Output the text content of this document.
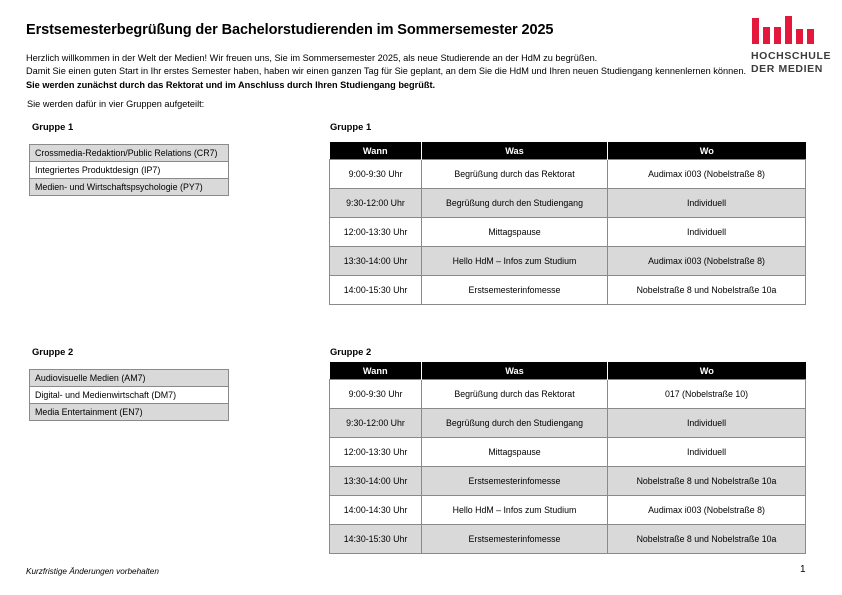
HOCHSCHULE
DER MEDIEN
Erstsemesterbegrüßung der Bachelorstudierenden im Sommersemester 2025
Herzlich willkommen in der Welt der Medien! Wir freuen uns, Sie im Sommersemester 2025, als neue Studierende an der HdM zu begrüßen.
Damit Sie einen guten Start in Ihr erstes Semester haben, haben wir einen ganzen Tag für Sie geplant, an dem Sie die HdM und Ihren neuen Studiengang kennenlernen können.
Sie werden zunächst durch das Rektorat und im Anschluss durch Ihren Studiengang begrüßt.
Sie werden dafür in vier Gruppen aufgeteilt:
Gruppe 1	Gruppe 1
Crossmedia-Redaktion/Public Relations (CR7)
Integriertes Produktdesign (IP7)
Medien- und Wirtschaftspsychologie (PY7)
Wann	Was	Wo
9:00-9:30 Uhr	Begrüßung durch das Rektorat	Audimax i003 (Nobelstraße 8)
9:30-12:00 Uhr	Begrüßung durch den Studiengang	Individuell
12:00-13:30 Uhr	Mittagspause	Individuell
13:30-14:00 Uhr	Hello HdM – Infos zum Studium	Audimax i003 (Nobelstraße 8)
14:00-15:30 Uhr	Erstsemesterinfomesse	Nobelstraße 8 und Nobelstraße 10a
Gruppe 2	Gruppe 2
Audiovisuelle Medien (AM7)
Digital- und Medienwirtschaft (DM7)
Media Entertainment (EN7)
Wann	Was	Wo
9:00-9:30 Uhr	Begrüßung durch das Rektorat	017 (Nobelstraße 10)
9:30-12:00 Uhr	Begrüßung durch den Studiengang	Individuell
12:00-13:30 Uhr	Mittagspause	Individuell
13:30-14:00 Uhr	Erstsemesterinfomesse	Nobelstraße 8 und Nobelstraße 10a
14:00-14:30 Uhr	Hello HdM – Infos zum Studium	Audimax i003 (Nobelstraße 8)
14:30-15:30 Uhr	Erstsemesterinfomesse	Nobelstraße 8 und Nobelstraße 10a
Kurzfristige Änderungen vorbehalten	1
